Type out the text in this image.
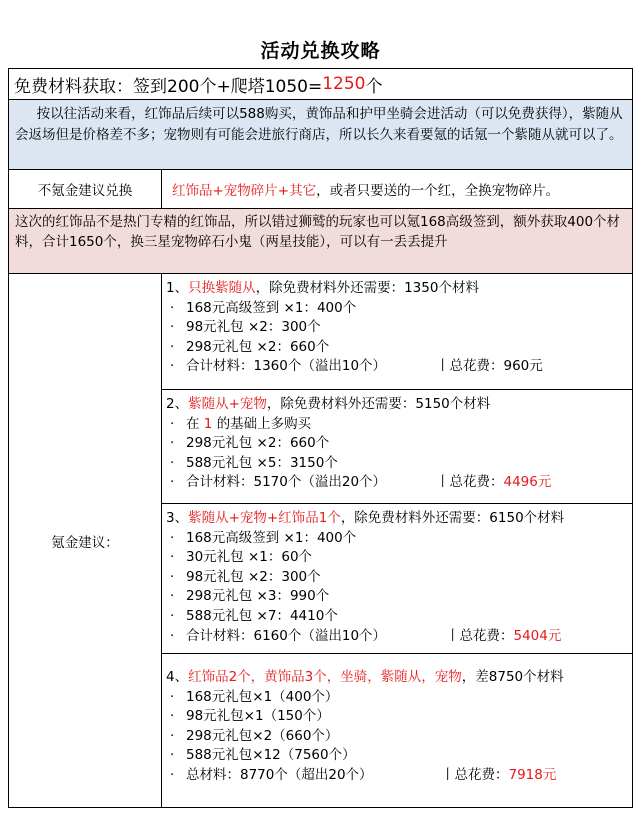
活动兑换攻略
免费材料获取：签到200个+爬塔1050= 1250 个

按以往活动来看，红饰品后续可以588购买，黄饰品和护甲坐骑会进活动（可以免费获得），紫随从会返场但是价格差不多；宠物则有可能会进旅行商店，所以长久来看要氪的话氪一个紫随从就可以了。

不氪金建议兑换	红饰品+宠物碎片+其它 ，或者只要送的一个红，全换宠物碎片。
这次的红饰品不是热门专精的红饰品，所以错过狮鹫的玩家也可以氪168高级签到，额外获取400个材料，合计1650个，换三星宠物碎石小鬼（两星技能），可以有一丢丢提升
氪金建议：
1、只换紫随从，除免费材料外还需要：1350个材料
· 168元高级签到 ×1：400个
· 98元礼包 ×2：300个
· 298元礼包 ×2：660个
· 合计材料：1360个（溢出10个）	丨总花费： 960元
2、紫随从+宠物，除免费材料外还需要：5150个材料
· 在 1 的基础上多购买
· 298元礼包 ×2：660个
· 588元礼包 ×5：3150个
· 合计材料：5170个（溢出20个）	丨总花费： 4496元
3、紫随从+宠物+红饰品1个，除免费材料外还需要：6150个材料
· 168元高级签到 ×1：400个
· 30元礼包 ×1：60个
· 98元礼包 ×2：300个
· 298元礼包 ×3：990个
· 588元礼包 ×7：4410个
· 合计材料：6160个（溢出10个）	丨总花费： 5404元
4、红饰品2个，黄饰品3个，坐骑，紫随从，宠物，差8750个材料
· 168元礼包×1（400个）
· 98元礼包×1（150个）
· 298元礼包×2（660个）
· 588元礼包×12（7560个）
· 总材料：8770个（超出20个）	丨总花费： 7918元
